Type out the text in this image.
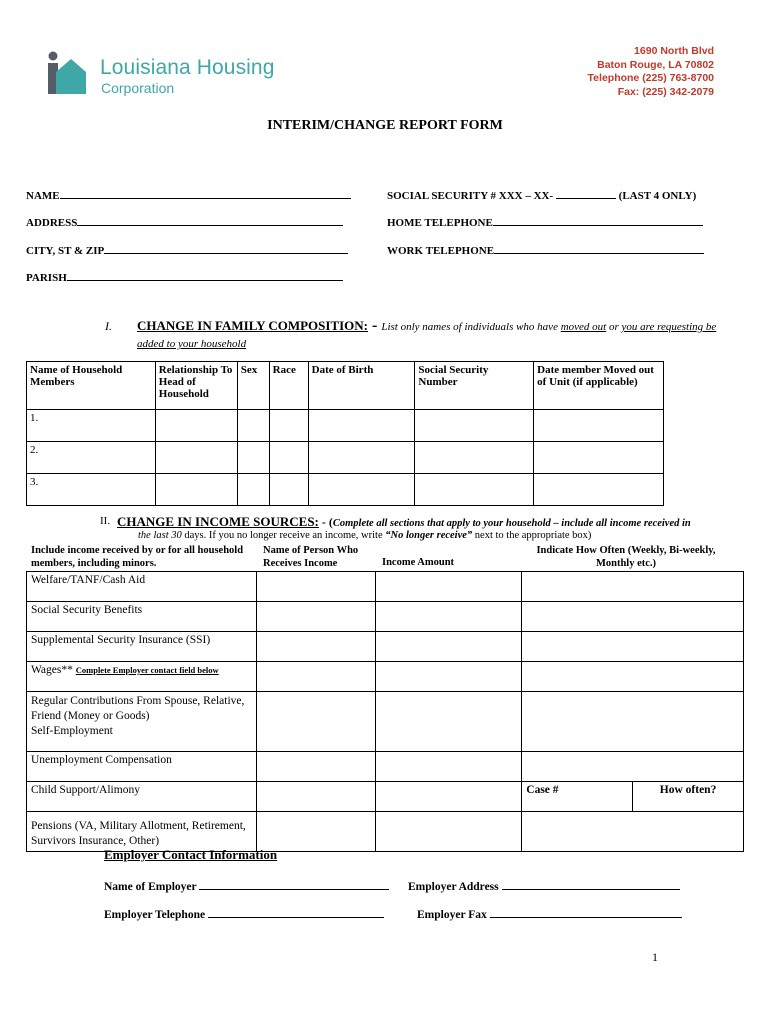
Louisiana Housing
Corporation
1690 North Blvd
Baton Rouge, LA 70802
Telephone (225) 763-8700
Fax: (225) 342-2079
INTERIM/CHANGE REPORT FORM
NAME	SOCIAL SECURITY # XXX – XX-	(LAST 4 ONLY)
ADDRESS	HOME TELEPHONE
CITY, ST & ZIP	WORK TELEPHONE
PARISH
I. CHANGE IN FAMILY COMPOSITION: - List only names of individuals who have moved out or you are requesting be added to your household
Name of Household Members	Relationship To Head of Household	Sex	Race	Date of Birth	Social Security Number	Date member Moved out of Unit (if applicable)
1.						
2.						
3.						
II. CHANGE IN INCOME SOURCES: - (Complete all sections that apply to your household – include all income received in
the last 30 days. If you no longer receive an income, write “No longer receive” next to the appropriate box)
Include income received by or for all household members, including minors.
Name of Person Who Receives Income	Income Amount
Indicate How Often (Weekly, Bi-weekly, Monthly etc.)
Welfare/TANF/Cash Aid				
Social Security Benefits				
Supplemental Security Insurance (SSI)				
Wages** Complete Employer contact field below				

Regular Contributions From Spouse, Relative, Friend (Money or Goods)
Self-Employment				

Unemployment Compensation				
Child Support/Alimony			Case #	How often?
Pensions (VA, Military Allotment, Retirement, Survivors Insurance, Other)				
Employer Contact Information
Name of Employer	Employer Address
Employer Telephone	Employer Fax
1
